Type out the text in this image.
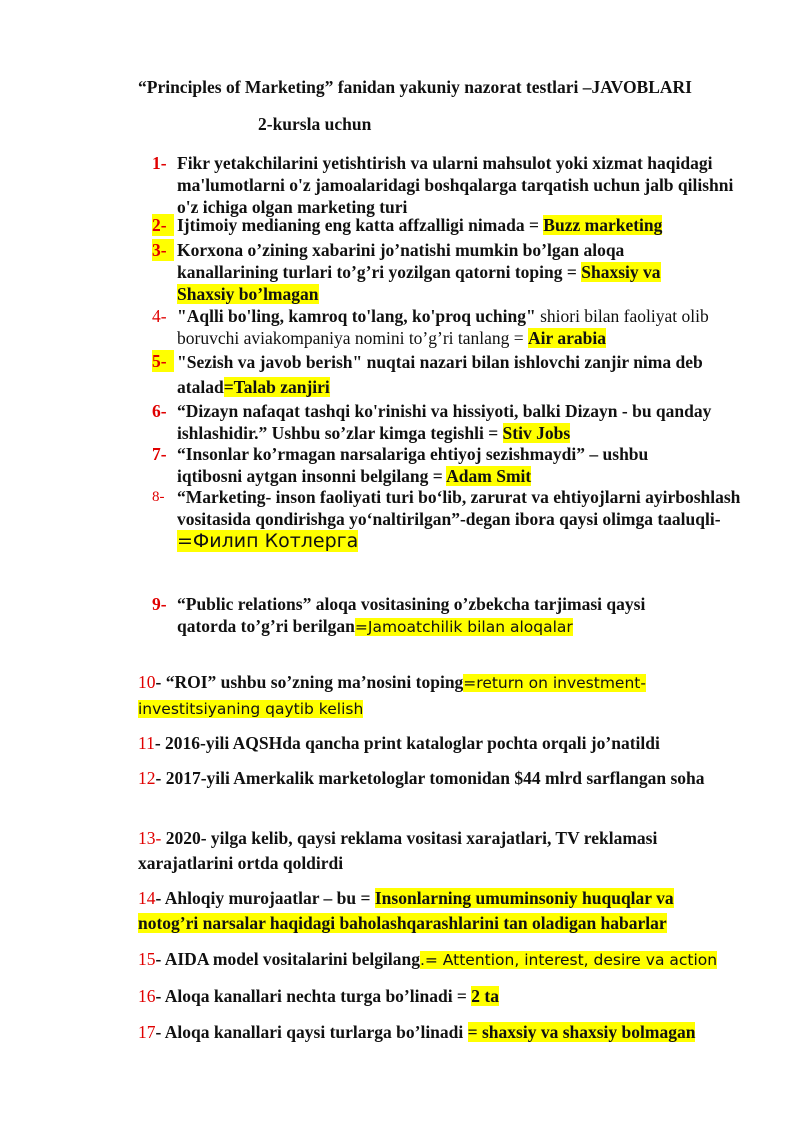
“Principles of Marketing” fanidan yakuniy nazorat testlari –JAVOBLARI
2-kursla uchun
1- Fikr yetakchilarini yetishtirish va ularni mahsulot yoki xizmat haqidagi ma'lumotlarni o'z jamoalaridagi boshqalarga tarqatish uchun jalb qilishni o'z ichiga olgan marketing turi
2- Ijtimoiy medianing eng katta affzalligi nimada = Buzz marketing
3- Korxona o’zining xabarini jo’natishi mumkin bo’lgan aloqa kanallarining turlari to’g’ri yozilgan qatorni toping = Shaxsiy va
Shaxsiy bo’lmagan
4- "Aqlli bo'ling, kamroq to'lang, ko'proq uching" shiori bilan faoliyat olib boruvchi aviakompaniya nomini to’g’ri tanlang = Air arabia
5- "Sezish va javob berish" nuqtai nazari bilan ishlovchi zanjir nima deb atalad=Talab zanjiri
6- “Dizayn nafaqat tashqi ko'rinishi va hissiyoti, balki Dizayn - bu qanday ishlashidir.” Ushbu so’zlar kimga tegishli = Stiv Jobs
7- “Insonlar ko’rmagan narsalariga ehtiyoj sezishmaydi” – ushbu iqtibosni aytgan insonni belgilang = Adam Smit
8- “Marketing- inson faoliyati turi bo‘lib, zarurat va ehtiyojlarni ayirboshlash vositasida qondirishga yo‘naltirilgan”-degan ibora qaysi olimga taaluqli-=Филип Котлерга
9- “Public relations” aloqa vositasining o’zbekcha tarjimasi qaysi qatorda to’g’ri berilgan=Jamoatchilik bilan aloqalar
10- “ROI” ushbu so’zning ma’nosini toping=return on investment-
investitsiyaning qaytib kelish
11- 2016-yili AQSHda qancha print kataloglar pochta orqali jo’natildi
12- 2017-yili Amerkalik marketologlar tomonidan $44 mlrd sarflangan soha
13- 2020- yilga kelib, qaysi reklama vositasi xarajatlari, TV reklamasi xarajatlarini ortda qoldirdi
14- Ahloqiy murojaatlar – bu = Insonlarning umuminsoniy huquqlar va
notog’ri narsalar haqidagi baholashqarashlarini tan oladigan habarlar
15- AIDA model vositalarini belgilang.= Attention, interest, desire va action
16- Aloqa kanallari nechta turga bo’linadi = 2 ta
17- Aloqa kanallari qaysi turlarga bo’linadi = shaxsiy va shaxsiy bolmagan
